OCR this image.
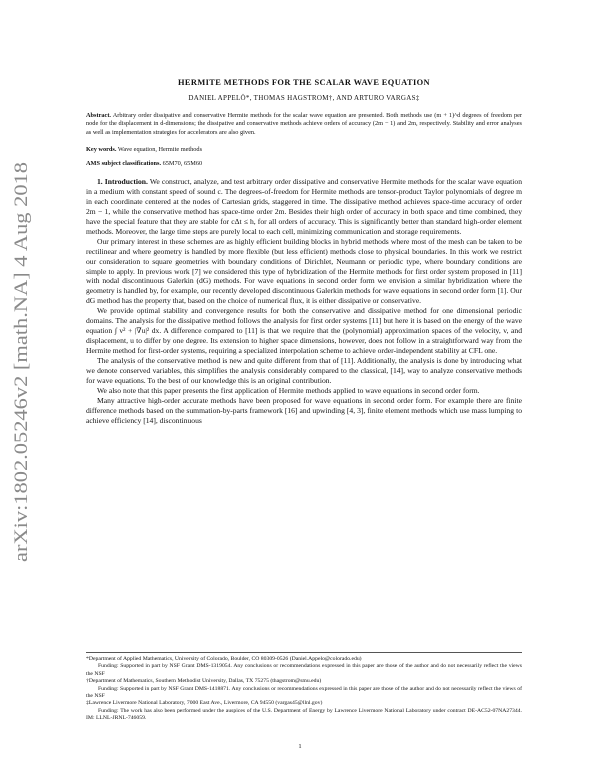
arXiv:1802.05246v2 [math.NA] 4 Aug 2018
HERMITE METHODS FOR THE SCALAR WAVE EQUATION
DANIEL APPELÖ*, THOMAS HAGSTROM†, AND ARTURO VARGAS‡
Abstract. Arbitrary order dissipative and conservative Hermite methods for the scalar wave equation are presented. Both methods use (m + 1)^d degrees of freedom per node for the displacement in d-dimensions; the dissipative and conservative methods achieve orders of accuracy (2m − 1) and 2m, respectively. Stability and error analyses as well as implementation strategies for accelerators are also given.
Key words. Wave equation, Hermite methods
AMS subject classifications. 65M70, 65M60

1. Introduction. We construct, analyze, and test arbitrary order dissipative and conservative Hermite methods for the scalar wave equation in a medium with constant speed of sound c. The degrees-of-freedom for Hermite methods are tensor-product Taylor polynomials of degree m in each coordinate centered at the nodes of Cartesian grids, staggered in time. The dissipative method achieves space-time accuracy of order 2m − 1, while the conservative method has space-time order 2m. Besides their high order of accuracy in both space and time combined, they have the special feature that they are stable for cΔt ≤ h, for all orders of accuracy. This is significantly better than standard high-order element methods. Moreover, the large time steps are purely local to each cell, minimizing communication and storage requirements.

Our primary interest in these schemes are as highly efficient building blocks in hybrid methods where most of the mesh can be taken to be rectilinear and where geometry is handled by more flexible (but less efficient) methods close to physical boundaries. In this work we restrict our consideration to square geometries with boundary conditions of Dirichlet, Neumann or periodic type, where boundary conditions are simple to apply. In previous work [7] we considered this type of hybridization of the Hermite methods for first order system proposed in [11] with nodal discontinuous Galerkin (dG) methods. For wave equations in second order form we envision a similar hybridization where the geometry is handled by, for example, our recently developed discontinuous Galerkin methods for wave equations in second order form [1]. Our dG method has the property that, based on the choice of numerical flux, it is either dissipative or conservative.

We provide optimal stability and convergence results for both the conservative and dissipative method for one dimensional periodic domains. The analysis for the dissipative method follows the analysis for first order systems [11] but here it is based on the energy of the wave equation ∫ v² + |∇u|² dx. A difference compared to [11] is that we require that the (polynomial) approximation spaces of the velocity, v, and displacement, u to differ by one degree. Its extension to higher space dimensions, however, does not follow in a straightforward way from the Hermite method for first-order systems, requiring a specialized interpolation scheme to achieve order-independent stability at CFL one.

The analysis of the conservative method is new and quite different from that of [11]. Additionally, the analysis is done by introducing what we denote conserved variables, this simplifies the analysis considerably compared to the classical, [14], way to analyze conservative methods for wave equations. To the best of our knowledge this is an original contribution.

We also note that this paper presents the first application of Hermite methods applied to wave equations in second order form.

Many attractive high-order accurate methods have been proposed for wave equations in second order form. For example there are finite difference methods based on the summation-by-parts framework [16] and upwinding [4, 3], finite element methods which use mass lumping to achieve efficiency [14], discontinuous

*Department of Applied Mathematics, University of Colorado, Boulder, CO 80309-0526 (Daniel.Appelo@colorado.edu)

Funding: Supported in part by NSF Grant DMS-1319054. Any conclusions or recommendations expressed in this paper are those of the author and do not necessarily reflect the views the NSF

†Department of Mathematics, Southern Methodist University, Dallas, TX 75275 (thagstrom@smu.edu)

Funding: Supported in part by NSF Grant DMS-1418871. Any conclusions or recommendations expressed in this paper are those of the author and do not necessarily reflect the views of the NSF

‡Lawrence Livermore National Laboratory, 7000 East Ave., Livermore, CA 94550 (vargas45@llnl.gov)

Funding: The work has also been performed under the auspices of the U.S. Department of Energy by Lawrence Livermore National Laboratory under contract DE-AC52-07NA27344. IM: LLNL-JRNL-746059.

1
